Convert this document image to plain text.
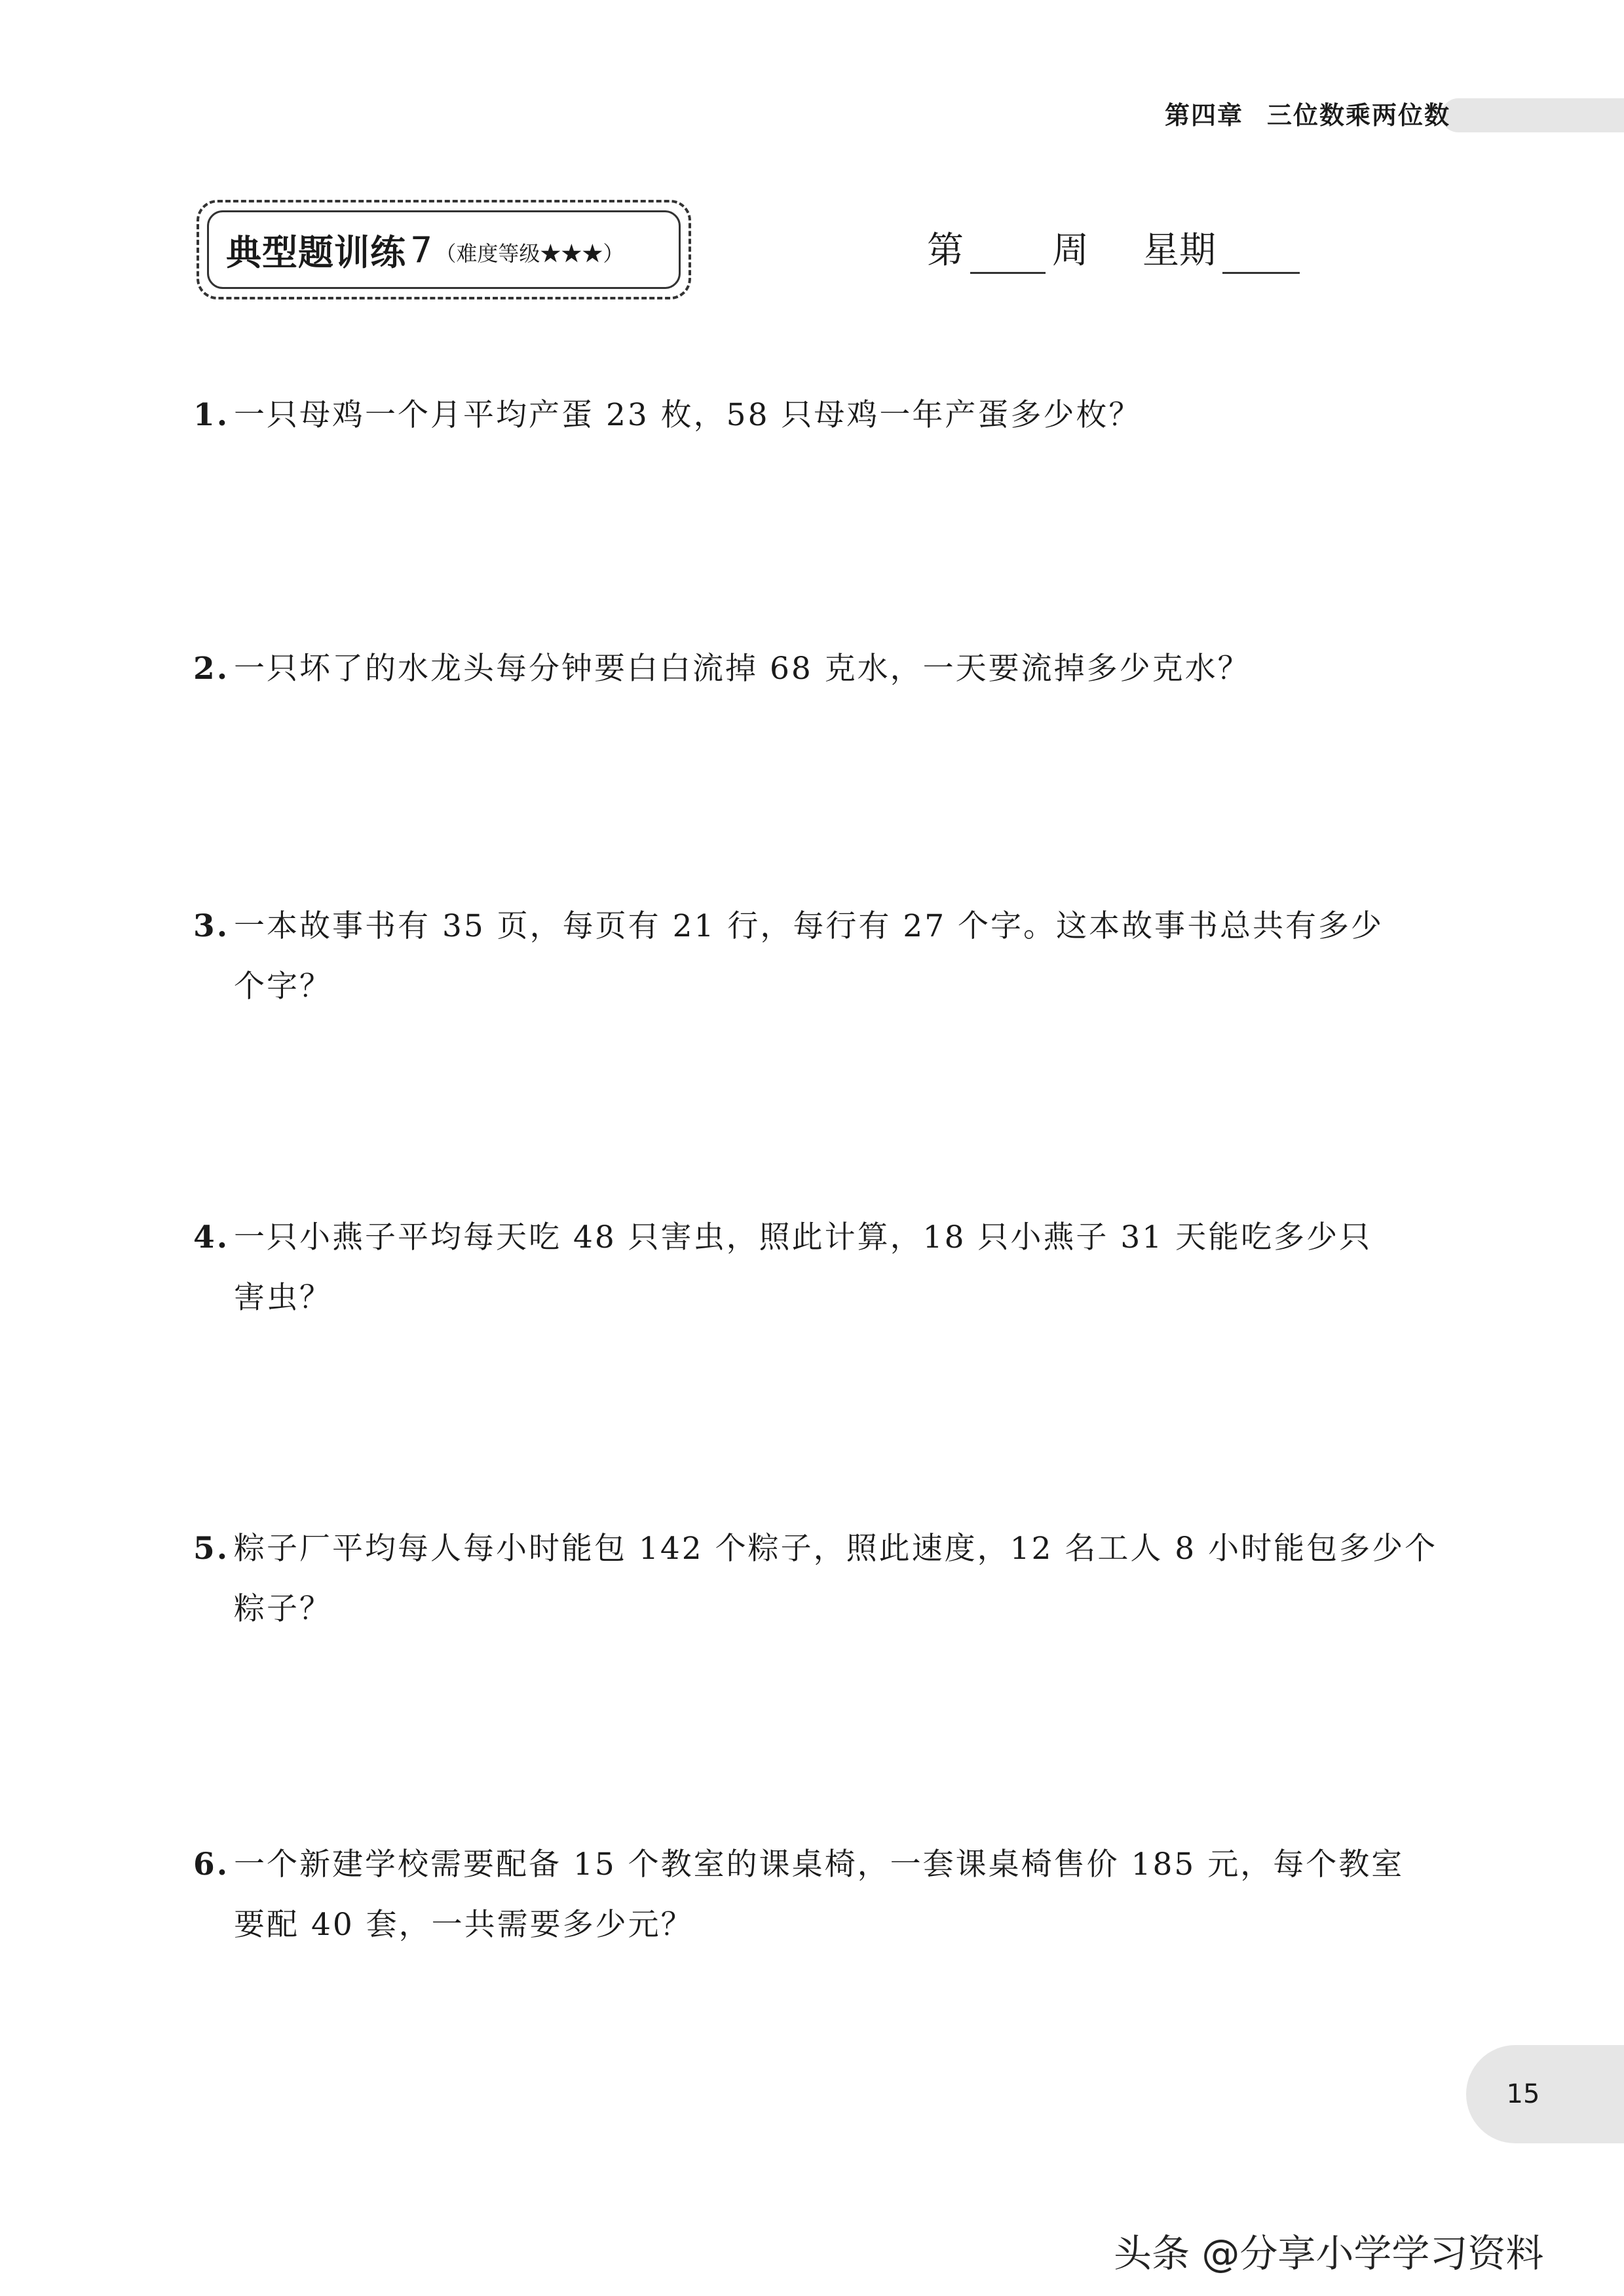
第四章 三位数乘两位数
典型题训练 7 （难度等级★★★）	第 周 星期
1. 一只母鸡一个月平均产蛋 23 枚，58 只母鸡一年产蛋多少枚？
2. 一只坏了的水龙头每分钟要白白流掉 68 克水，一天要流掉多少克水？
3. 一本故事书有 35 页，每页有 21 行，每行有 27 个字。这本故事书总共有多少
个字？
4. 一只小燕子平均每天吃 48 只害虫，照此计算，18 只小燕子 31 天能吃多少只
害虫？
5. 粽子厂平均每人每小时能包 142 个粽子，照此速度，12 名工人 8 小时能包多少个
粽子？
6. 一个新建学校需要配备 15 个教室的课桌椅，一套课桌椅售价 185 元，每个教室
要配 40 套，一共需要多少元？
15
头条 @分享小学学习资料
